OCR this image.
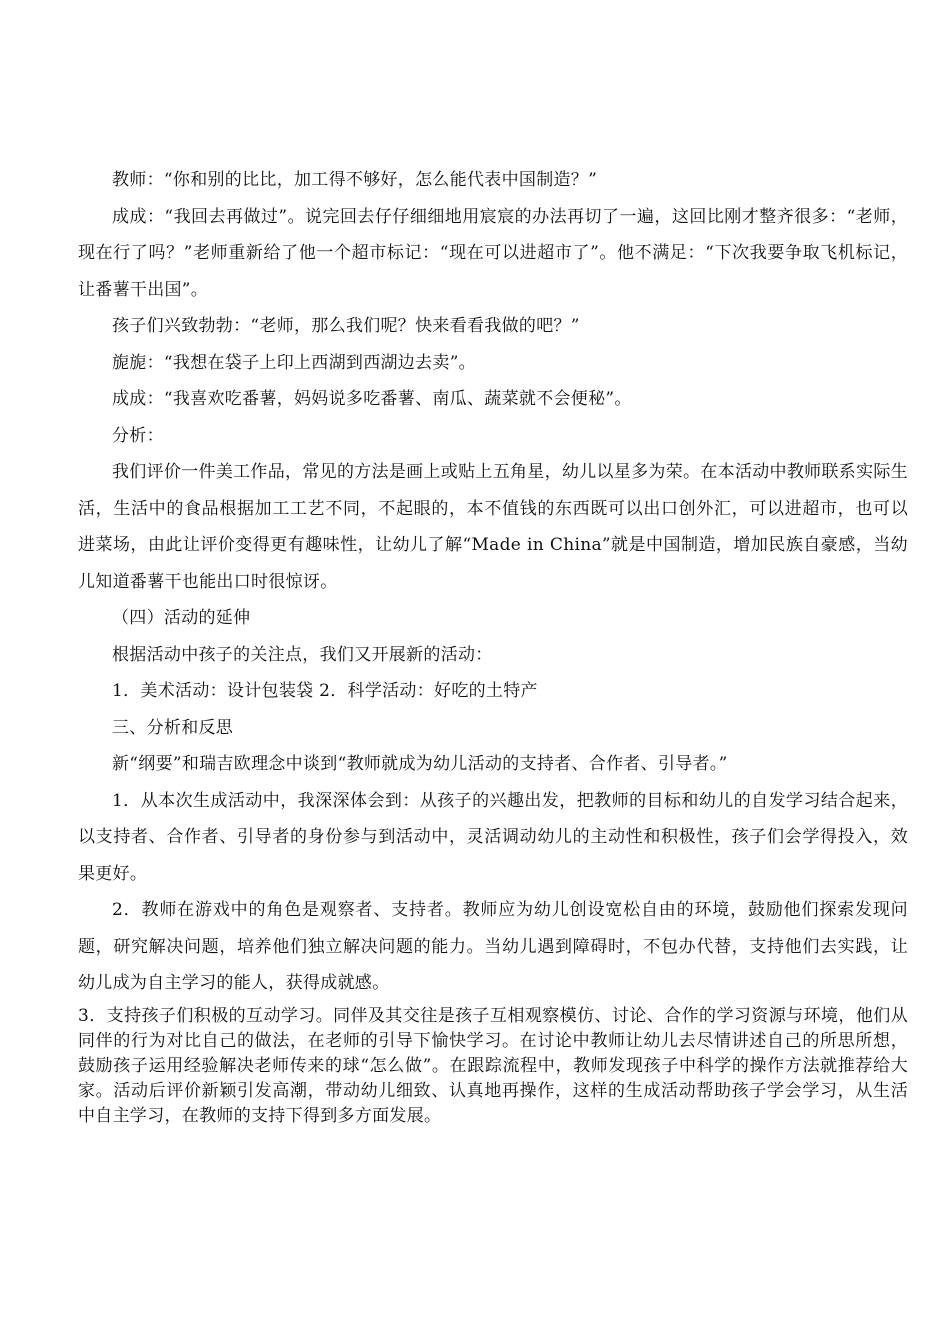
教师：“你和别的比比，加工得不够好，怎么能代表中国制造？”

成成：“我回去再做过”。说完回去仔仔细细地用宸宸的办法再切了一遍，这回比刚才整齐很多：“老师，现在行了吗？”老师重新给了他一个超市标记：“现在可以进超市了”。他不满足：“下次我要争取飞机标记，让番薯干出国”。

孩子们兴致勃勃：“老师，那么我们呢？快来看看我做的吧？”

旎旎：“我想在袋子上印上西湖到西湖边去卖”。

成成：“我喜欢吃番薯，妈妈说多吃番薯、南瓜、蔬菜就不会便秘”。

分析：

我们评价一件美工作品，常见的方法是画上或贴上五角星，幼儿以星多为荣。在本活动中教师联系实际生活，生活中的食品根据加工工艺不同，不起眼的，本不值钱的东西既可以出口创外汇，可以进超市，也可以进菜场，由此让评价变得更有趣味性，让幼儿了解“Made in China”就是中国制造，增加民族自豪感，当幼儿知道番薯干也能出口时很惊讶。

（四）活动的延伸

根据活动中孩子的关注点，我们又开展新的活动：

1．美术活动：设计包装袋 2．科学活动：好吃的土特产

三、分析和反思

新“纲要”和瑞吉欧理念中谈到“教师就成为幼儿活动的支持者、合作者、引导者。”

1．从本次生成活动中，我深深体会到：从孩子的兴趣出发，把教师的目标和幼儿的自发学习结合起来，以支持者、合作者、引导者的身份参与到活动中，灵活调动幼儿的主动性和积极性，孩子们会学得投入，效果更好。

2．教师在游戏中的角色是观察者、支持者。教师应为幼儿创设宽松自由的环境，鼓励他们探索发现问题，研究解决问题，培养他们独立解决问题的能力。当幼儿遇到障碍时，不包办代替，支持他们去实践，让幼儿成为自主学习的能人，获得成就感。

3．支持孩子们积极的互动学习。同伴及其交往是孩子互相观察模仿、讨论、合作的学习资源与环境，他们从同伴的行为对比自己的做法，在老师的引导下愉快学习。在讨论中教师让幼儿去尽情讲述自己的所思所想，鼓励孩子运用经验解决老师传来的球“怎么做”。在跟踪流程中，教师发现孩子中科学的操作方法就推荐给大家。活动后评价新颖引发高潮，带动幼儿细致、认真地再操作，这样的生成活动帮助孩子学会学习，从生活中自主学习，在教师的支持下得到多方面发展。
